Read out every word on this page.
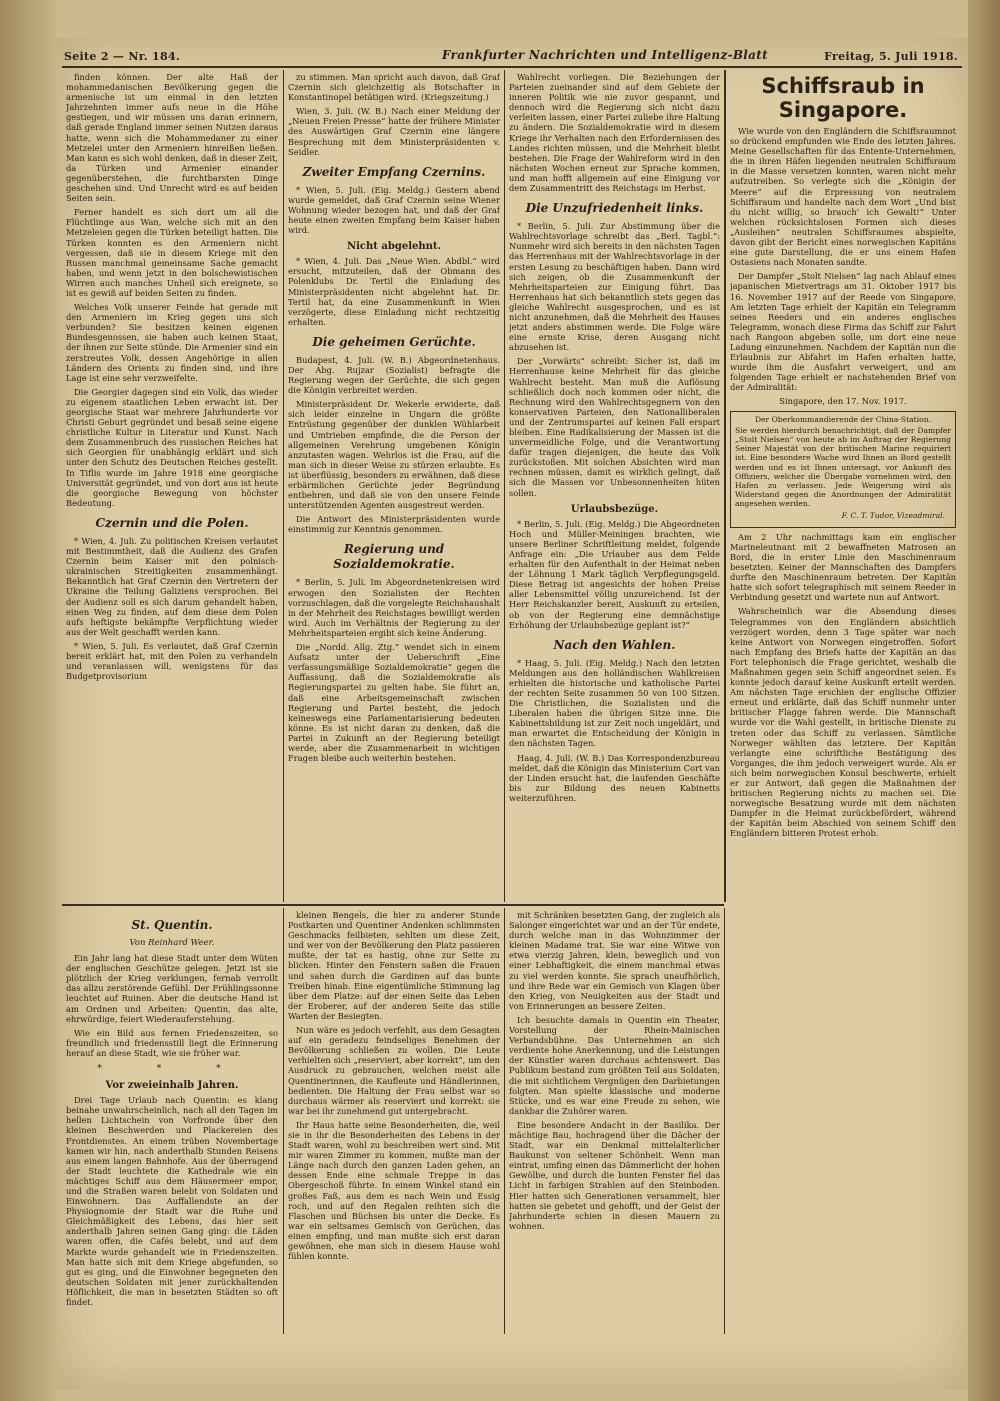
Seite 2 — Nr. 184.	Frankfurter Nachrichten und Intelligenz-Blatt	Freitag, 5. Juli 1918.

finden können. Der alte Haß der mohammedanischen Bevölkerung gegen die armenische ist um einmal in den letzten Jahrzehnten immer aufs neue in die Höhe gestiegen, und wir müssen uns daran erinnern, daß gerade England immer seinen Nutzen daraus hatte, wenn sich die Mohammedaner zu einer Metzelei unter den Armeniern hinreißen ließen. Man kann es sich wohl denken, daß in dieser Zeit, da Türken und Armenier einander gegenüberstehen, die furchtbarsten Dinge geschehen sind. Und Unrecht wird es auf beiden Seiten sein.

Ferner handelt es sich dort um all die Flüchtlinge aus Wan, welche sich mit an den Metzeleien gegen die Türken beteiligt hatten. Die Türken konnten es den Armeniern nicht vergessen, daß sie in diesem Kriege mit den Russen manchmal gemeinsame Sache gemacht haben, und wenn jetzt in den bolschewistischen Wirren auch manches Unheil sich ereignete, so ist es gewiß auf beiden Seiten zu finden.

Welches Volk unserer Feinde hat gerade mit den Armeniern im Krieg gegen uns sich verbunden? Sie besitzen keinen eigenen Bundesgenossen, sie haben auch keinen Staat, der ihnen zur Seite stünde. Die Armenier sind ein zerstreutes Volk, dessen Angehörige in allen Ländern des Orients zu finden sind, und ihre Lage ist eine sehr verzweifelte.

Die Georgier dagegen sind ein Volk, das wieder zu eigenem staatlichen Leben erwacht ist. Der georgische Staat war mehrere Jahrhunderte vor Christi Geburt gegründet und besaß seine eigene christliche Kultur in Literatur und Kunst. Nach dem Zusammenbruch des russischen Reiches hat sich Georgien für unabhängig erklärt und sich unter den Schutz des Deutschen Reiches gestellt. In Tiflis wurde im Jahre 1918 eine georgische Universität gegründet, und von dort aus ist heute die georgische Bewegung von höchster Bedeutung.

Czernin und die Polen.

* Wien, 4. Juli. Zu politischen Kreisen verlautet mit Bestimmtheit, daß die Audienz des Grafen Czernin beim Kaiser mit den polnisch-ukrainischen Streitigkeiten zusammenhängt. Bekanntlich hat Graf Czernin den Vertretern der Ukraine die Teilung Galiziens versprochen. Bei der Audienz soll es sich darum gehandelt haben, einen Weg zu finden, auf dem diese dem Polen aufs heftigste bekämpfte Verpflichtung wieder aus der Welt geschafft werden kann.

* Wien, 5. Juli. Es verlautet, daß Graf Czernin bereit erklärt hat, mit den Polen zu verhandeln und veranlassen will, wenigstens für das Budgetprovisorium

zu stimmen. Man spricht auch davon, daß Graf Czernin sich gleichzeitig als Botschafter in Konstantinopel betätigen wird. (Kriegszeitung.)

Wien, 3. Juli. (W. B.) Nach einer Meldung der „Neuen Freien Presse“ hatte der frühere Minister des Auswärtigen Graf Czernin eine längere Besprechung mit dem Ministerpräsidenten v. Seidler.

Zweiter Empfang Czernins.

* Wien, 5. Juli. (Eig. Meldg.) Gestern abend wurde gemeldet, daß Graf Czernin seine Wiener Wohnung wieder bezogen hat, und daß der Graf heute einen zweiten Empfang beim Kaiser haben wird.

Nicht abgelehnt.

* Wien, 4. Juli. Das „Neue Wien. Abdbl.“ wird ersucht, mitzuteilen, daß der Obmann des Polenklubs Dr. Tertil die Einladung des Ministerpräsidenten nicht abgelehnt hat. Dr. Tertil hat, da eine Zusammenkunft in Wien verzögerte, diese Einladung nicht rechtzeitig erhalten.

Die geheimen Gerüchte.

Budapest, 4. Juli. (W. B.) Abgeordnetenhaus. Der Abg. Rujzar (Sozialist) befragte die Regierung wegen der Gerüchte, die sich gegen die Königin verbreitet werden.

Ministerpräsident Dr. Wekerle erwiderte, daß sich leider einzelne in Ungarn die größte Entrüstung gegenüber der dunklen Wühlarbeit und Umtrieben empfinde, die die Person der allgemeinen Verehrung umgebenen Königin anzutasten wagen. Wehrlos ist die Frau, auf die man sich in dieser Weise zu stürzen erlaubte. Es ist überflüssig, besonders zu erwähnen, daß diese erbärmlichen Gerüchte jeder Begründung entbehren, und daß sie von den unsere Feinde unterstützenden Agenten ausgestreut werden.

Die Antwort des Ministerpräsidenten wurde einstimmig zur Kenntnis genommen.

Regierung und Sozialdemokratie.

* Berlin, 5. Juli. Im Abgeordnetenkreisen wird erwogen den Sozialisten der Rechten vorzuschlagen, daß die vorgelegte Reichshaushalt in der Mehrheit des Reichstages bewilligt werden wird. Auch im Verhältnis der Regierung zu der Mehrheitsparteien ergibt sich keine Änderung.

Die „Nordd. Allg. Ztg.“ wendet sich in einem Aufsatz unter der Ueberschrift „Eine verfassungsmäßige Sozialdemokratie“ gegen die Auffassung, daß die Sozialdemokratie als Regierungspartei zu gelten habe. Sie führt an, daß eine Arbeitsgemeinschaft zwischen Regierung und Partei besteht, die jedoch keineswegs eine Parlamentarisierung bedeuten könne. Es ist nicht daran zu denken, daß die Partei in Zukunft an der Regierung beteiligt werde, aber die Zusammenarbeit in wichtigen Fragen bleibe auch weiterhin bestehen.

Wahlrecht vorliegen. Die Beziehungen der Parteien zueinander sind auf dem Gebiete der inneren Politik wie nie zuvor gespannt, und dennoch wird die Regierung sich nicht dazu verleiten lassen, einer Partei zuliebe ihre Haltung zu ändern. Die Sozialdemokratie wird in diesem Kriege ihr Verhalten nach den Erfordernissen des Landes richten müssen, und die Mehrheit bleibt bestehen. Die Frage der Wahlreform wird in den nächsten Wochen erneut zur Sprache kommen, und man hofft allgemein auf eine Einigung vor dem Zusammentritt des Reichstags im Herbst.

Die Unzufriedenheit links.

* Berlin, 5. Juli. Zur Abstimmung über die Wahlrechtsvorlage schreibt das „Berl. Tagbl.“: Nunmehr wird sich bereits in den nächsten Tagen das Herrenhaus mit der Wahlrechtsvorlage in der ersten Lesung zu beschäftigen haben. Dann wird sich zeigen, ob die Zusammenkunft der Mehrheitsparteien zur Einigung führt. Das Herrenhaus hat sich bekanntlich stets gegen das gleiche Wahlrecht ausgesprochen, und es ist nicht anzunehmen, daß die Mehrheit des Hauses jetzt anders abstimmen werde. Die Folge wäre eine ernste Krise, deren Ausgang nicht abzusehen ist.

Der „Vorwärts“ schreibt: Sicher ist, daß im Herrenhause keine Mehrheit für das gleiche Wahlrecht besteht. Man muß die Auflösung schließlich doch noch kommen oder nicht, die Rechnung wird den Wahlrechtsgegnern von den konservativen Parteien, den Nationalliberalen und der Zentrumspartei auf keinen Fall erspart bleiben. Eine Radikalisierung der Massen ist die unvermeidliche Folge, und die Verantwortung dafür tragen diejenigen, die heute das Volk zurückstoßen. Mit solchen Absichten wird man rechnen müssen, damit es wirklich gelingt, daß sich die Massen vor Unbesonnenheiten hüten sollen.

Urlaubsbezüge.

* Berlin, 5. Juli. (Eig. Meldg.) Die Abgeordneten Hoch und Müller-Meiningen brachten, wie unsere Berliner Schriftleitung meldet, folgende Anfrage ein: „Die Urlauber aus dem Felde erhalten für den Aufenthalt in der Heimat neben der Löhnung 1 Mark täglich Verpflegungsgeld. Diese Betrag ist angesichts der hohen Preise aller Lebensmittel völlig unzureichend. Ist der Herr Reichskanzler bereit, Auskunft zu erteilen, ob von der Regierung eine demnächstige Erhöhung der Urlaubsbezüge geplant ist?“

Nach den Wahlen.

* Haag, 5. Juli. (Eig. Meldg.) Nach den letzten Meldungen aus den holländischen Wahlkreisen erhielten die historische und katholische Partei der rechten Seite zusammen 50 von 100 Sitzen. Die Christlichen, die Sozialisten und die Liberalen haben die übrigen Sitze inne. Die Kabinettsbildung ist zur Zeit noch ungeklärt, und man erwartet die Entscheidung der Königin in den nächsten Tagen.

Haag, 4. Juli. (W. B.) Das Korrespondenzbureau meldet, daß die Königin das Ministerium Cort van der Linden ersucht hat, die laufenden Geschäfte bis zur Bildung des neuen Kabinetts weiterzuführen.

Schiffsraub in Singapore.

Wie wurde von den Engländern die Schiffsraumnot so drückend empfunden wie Ende des letzten Jahres. Meine Gesellschaften für das Entente-Unternehmen, die in ihren Häfen liegenden neutralen Schiffsraum in die Masse versetzen konnten, waren nicht mehr aufzutreiben. So verlegte sich die „Königin der Meere“ auf die Erpressung von neutralem Schiffsraum und handelte nach dem Wort „Und bist du nicht willig, so brauch' ich Gewalt!“ Unter welchen rücksichtslosen Formen sich dieses „Ausleihen“ neutralen Schiffsraumes abspielte, davon gibt der Bericht eines norwegischen Kapitäns eine gute Darstellung, die er uns einem Hafen Ostasiens nach Monaten sandte.

Der Dampfer „Stolt Nielsen“ lag nach Ablauf eines japanischen Mietvertrags am 31. Oktober 1917 bis 16. November 1917 auf der Reede von Singapore. Am letzten Tage erhielt der Kapitän ein Telegramm seines Reeders und ein anderes englisches Telegramm, wonach diese Firma das Schiff zur Fahrt nach Rangoon abgeben solle, um dort eine neue Ladung einzunehmen. Nachdem der Kapitän nun die Erlaubnis zur Abfahrt im Hafen erhalten hatte, wurde ihm die Ausfahrt verweigert, und am folgenden Tage erhielt er nachstehenden Brief von der Admiralität:

Singapore, den 17. Nov. 1917.
Der Oberkommandierende der China-Station.
Sie werden hierdurch benachrichtigt, daß der Dampfer „Stolt Nielsen“ von heute ab im Auftrag der Regierung Seiner Majestät von der britischen Marine requiriert ist. Eine besondere Wache wird Ihnen an Bord gestellt werden und es ist Ihnen untersagt, vor Ankunft des Offiziers, welcher die Übergabe vornehmen wird, den Hafen zu verlassen. Jede Weigerung wird als Widerstand gegen die Anordnungen der Admiralität angesehen werden.
F. C. T. Tudor, Vizeadmiral.

Am 2 Uhr nachmittags kam ein englischer Marineleutnant mit 2 bewaffneten Matrosen an Bord, die in erster Linie den Maschinenraum besetzten. Keiner der Mannschaften des Dampfers durfte den Maschinenraum betreten. Der Kapitän hatte sich sofort telegraphisch mit seinem Reeder in Verbindung gesetzt und wartete nun auf Antwort.

Wahrscheinlich war die Absendung dieses Telegrammes von den Engländern absichtlich verzögert worden, denn 3 Tage später war noch keine Antwort von Norwegen eingetroffen. Sofort nach Empfang des Briefs hatte der Kapitän an das Fort telephonisch die Frage gerichtet, weshalb die Maßnahmen gegen sein Schiff angeordnet seien. Es konnte jedoch darauf keine Auskunft erteilt werden. Am nächsten Tage erschien der englische Offizier erneut und erklärte, daß das Schiff nunmehr unter britischer Flagge fahren werde. Die Mannschaft wurde vor die Wahl gestellt, in britische Dienste zu treten oder das Schiff zu verlassen. Sämtliche Norweger wählten das letztere. Der Kapitän verlangte eine schriftliche Bestätigung des Vorganges, die ihm jedoch verweigert wurde. Als er sich beim norwegischen Konsul beschwerte, erhielt er zur Antwort, daß gegen die Maßnahmen der britischen Regierung nichts zu machen sei. Die norwegische Besatzung wurde mit dem nächsten Dampfer in die Heimat zurückbefördert, während der Kapitän beim Abschied von seinem Schiff den Engländern bitteren Protest erhob.

St. Quentin.
Von Reinhard Weer.

Ein Jahr lang hat diese Stadt unter dem Wüten der englischen Geschütze gelegen. Jetzt ist sie plötzlich der Krieg verklungen, fernab verrollt das allzu zerstörende Gefühl. Der Frühlingssonne leuchtet auf Ruinen. Aber die deutsche Hand ist am Ordnen und Arbeiten: Quentin, das alte, ehrwürdige, feiert Wiederauferstehung.

Wie ein Bild aus fernen Friedenszeiten, so freundlich und friedensstill liegt die Erinnerung herauf an diese Stadt, wie sie früher war.

* * *
Vor zweieinhalb Jahren.

Drei Tage Urlaub nach Quentin: es klang beinahe unwahrscheinlich, nach all den Tagen im hellen Lichtschein von Vorfronde über den kleinen Beschwerden und Plackereien des Frontdienstes. An einem trüben Novembertage kamen wir hin, nach anderthalb Stunden Reisens aus einem langen Bahnhofe. Aus der überragend der Stadt leuchtete die Kathedrale wie ein mächtiges Schiff aus dem Häusermeer empor, und die Straßen waren belebt von Soldaten und Einwohnern. Das Auffallendste an der Physiognomie der Stadt war die Ruhe und Gleichmäßigkeit des Lebens, das hier seit anderthalb Jahren seinen Gang ging: die Läden waren offen, die Cafés belebt, und auf dem Markte wurde gehandelt wie in Friedenszeiten. Man hatte sich mit dem Kriege abgefunden, so gut es ging, und die Einwohner begegneten den deutschen Soldaten mit jener zurückhaltenden Höflichkeit, die man in besetzten Städten so oft findet.

kleinen Bengels, die hier zu anderer Stunde Postkarten und Quentiner Andenken schlimmsten Geschmacks feilbieten, sehlten um diese Zeit, und wer von der Bevölkerung den Platz passieren mußte, der tat es hastig, ohne zur Seite zu blicken. Hinter den Fenstern saßen die Frauen und sahen durch die Gardinen auf das bunte Treiben hinab. Eine eigentümliche Stimmung lag über dem Platze: auf der einen Seite das Leben der Eroberer, auf der anderen Seite das stille Warten der Besiegten.

Nun wäre es jedoch verfehlt, aus dem Gesagten auf ein geradezu feindseliges Benehmen der Bevölkerung schließen zu wollen. Die Leute verhielten sich „reserviert, aber korrekt“, um den Ausdruck zu gebrauchen, welchen meist alle Quentinerinnen, die Kaufleute und Händlerinnen, bedienten. Die Haltung der Frau selbst war so durchaus wärmer als reserviert und korrekt: sie war bei ihr zunehmend gut untergebracht.

Ihr Haus hatte seine Besonderheiten, die, weil sie in ihr die Besonderheiten des Lebens in der Stadt waren, wohl zu beschreiben wert sind. Mit mir waren Zimmer zu kommen, mußte man der Länge nach durch den ganzen Laden gehen, an dessen Ende eine schmale Treppe in das Obergeschoß führte. In einem Winkel stand ein großes Faß, aus dem es nach Wein und Essig roch, und auf den Regalen reihten sich die Flaschen und Büchsen bis unter die Decke. Es war ein seltsames Gemisch von Gerüchen, das einen empfing, und man mußte sich erst daran gewöhnen, ehe man sich in diesem Hause wohl fühlen konnte.

mit Schränken besetzten Gang, der zugleich als Salonger eingerichtet war und an der Tür endete, durch welche man in das Wohnzimmer der kleinen Madame trat. Sie war eine Witwe von etwa vierzig Jahren, klein, beweglich und von einer Lebhaftigkeit, die einem manchmal etwas zu viel werden konnte. Sie sprach unaufhörlich, und ihre Rede war ein Gemisch von Klagen über den Krieg, von Neuigkeiten aus der Stadt und von Erinnerungen an bessere Zeiten.

Ich besuchte damals in Quentin ein Theater, Vorstellung der Rhein-Mainischen Verbandsbühne. Das Unternehmen an sich verdiente hohe Anerkennung, und die Leistungen der Künstler waren durchaus achtenswert. Das Publikum bestand zum größten Teil aus Soldaten, die mit sichtlichem Vergnügen den Darbietungen folgten. Man spielte klassische und moderne Stücke, und es war eine Freude zu sehen, wie dankbar die Zuhörer waren.

Eine besondere Andacht in der Basilika. Der mächtige Bau, hochragend über die Dächer der Stadt, war ein Denkmal mittelalterlicher Baukunst von seltener Schönheit. Wenn man eintrat, umfing einen das Dämmerlicht der hohen Gewölbe, und durch die bunten Fenster fiel das Licht in farbigen Strahlen auf den Steinboden. Hier hatten sich Generationen versammelt, hier hatten sie gebetet und gehofft, und der Geist der Jahrhunderte schien in diesen Mauern zu wohnen.
